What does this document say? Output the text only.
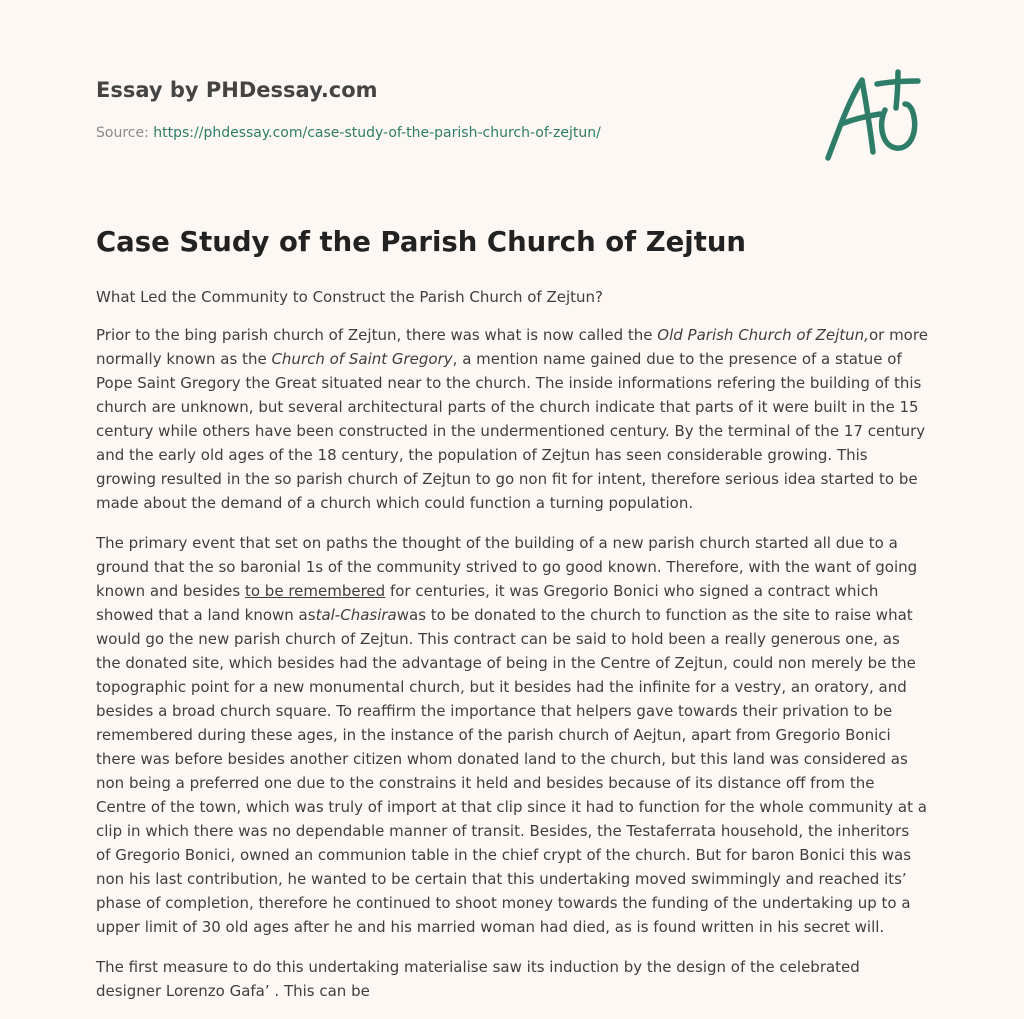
Essay by PHDessay.com
Source: https://phdessay.com/case-study-of-the-parish-church-of-zejtun/
Case Study of the Parish Church of Zejtun

What Led the Community to Construct the Parish Church of Zejtun?

Prior to the bing parish church of Zejtun, there was what is now called the Old Parish Church of Zejtun,or more normally known as the Church of Saint Gregory, a mention name gained due to the presence of a statue of Pope Saint Gregory the Great situated near to the church. The inside informations refering the building of this church are unknown, but several architectural parts of the church indicate that parts of it were built in the 15 century while others have been constructed in the undermentioned century. By the terminal of the 17 century and the early old ages of the 18 century, the population of Zejtun has seen considerable growing. This growing resulted in the so parish church of Zejtun to go non fit for intent, therefore serious idea started to be made about the demand of a church which could function a turning population.

The primary event that set on paths the thought of the building of a new parish church started all due to a ground that the so baronial 1s of the community strived to go good known. Therefore, with the want of going known and besides to be remembered for centuries, it was Gregorio Bonici who signed a contract which showed that a land known astal-Chasirawas to be donated to the church to function as the site to raise what would go the new parish church of Zejtun. This contract can be said to hold been a really generous one, as the donated site, which besides had the advantage of being in the Centre of Zejtun, could non merely be the topographic point for a new monumental church, but it besides had the infinite for a vestry, an oratory, and besides a broad church square. To reaffirm the importance that helpers gave towards their privation to be remembered during these ages, in the instance of the parish church of Aejtun, apart from Gregorio Bonici there was before besides another citizen whom donated land to the church, but this land was considered as non being a preferred one due to the constrains it held and besides because of its distance off from the Centre of the town, which was truly of import at that clip since it had to function for the whole community at a clip in which there was no dependable manner of transit. Besides, the Testaferrata household, the inheritors of Gregorio Bonici, owned an communion table in the chief crypt of the church. But for baron Bonici this was non his last contribution, he wanted to be certain that this undertaking moved swimmingly and reached its’ phase of completion, therefore he continued to shoot money towards the funding of the undertaking up to a upper limit of 30 old ages after he and his married woman had died, as is found written in his secret will.

The first measure to do this undertaking materialise saw its induction by the design of the celebrated designer Lorenzo Gafa’ . This can be
